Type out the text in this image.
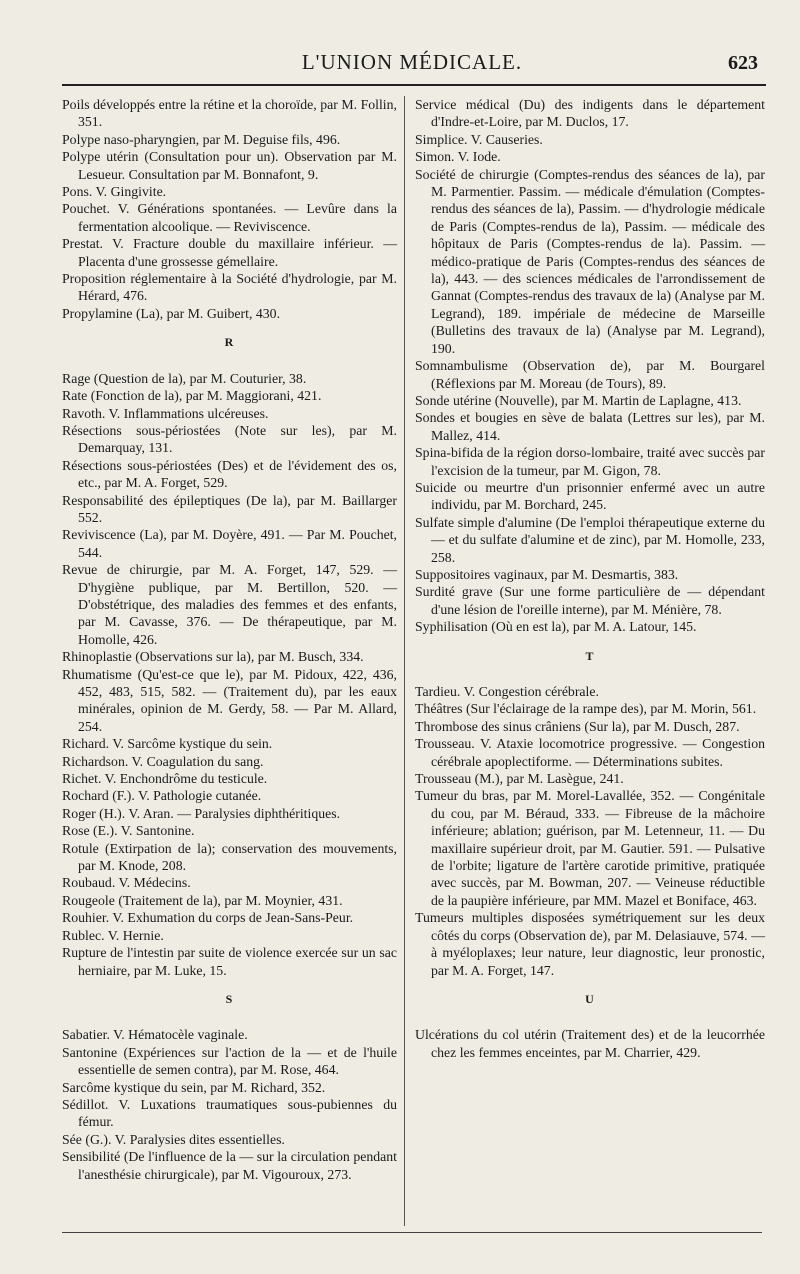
L'UNION MÉDICALE.	623

Poils développés entre la rétine et la choroïde, par M. Follin, 351.

Polype naso-pharyngien, par M. Deguise fils, 496.

Polype utérin (Consultation pour un). Observation par M. Lesueur. Consultation par M. Bonnafont, 9.

Pons. V. Gingivite.

Pouchet. V. Générations spontanées. — Levûre dans la fermentation alcoolique. — Reviviscence.

Prestat. V. Fracture double du maxillaire inférieur. — Placenta d'une grossesse gémellaire.

Proposition réglementaire à la Société d'hydrologie, par M. Hérard, 476.

Propylamine (La), par M. Guibert, 430.

R

Rage (Question de la), par M. Couturier, 38.

Rate (Fonction de la), par M. Maggiorani, 421.

Ravoth. V. Inflammations ulcéreuses.

Résections sous-périostées (Note sur les), par M. Demarquay, 131.

Résections sous-périostées (Des) et de l'évidement des os, etc., par M. A. Forget, 529.

Responsabilité des épileptiques (De la), par M. Baillarger 552.

Reviviscence (La), par M. Doyère, 491. — Par M. Pouchet, 544.

Revue de chirurgie, par M. A. Forget, 147, 529. — D'hygiène publique, par M. Bertillon, 520. — D'obstétrique, des maladies des femmes et des enfants, par M. Cavasse, 376. — De thérapeutique, par M. Homolle, 426.

Rhinoplastie (Observations sur la), par M. Busch, 334.

Rhumatisme (Qu'est-ce que le), par M. Pidoux, 422, 436, 452, 483, 515, 582. — (Traitement du), par les eaux minérales, opinion de M. Gerdy, 58. — Par M. Allard, 254.

Richard. V. Sarcôme kystique du sein.

Richardson. V. Coagulation du sang.

Richet. V. Enchondrôme du testicule.

Rochard (F.). V. Pathologie cutanée.

Roger (H.). V. Aran. — Paralysies diphthéritiques.

Rose (E.). V. Santonine.

Rotule (Extirpation de la); conservation des mouvements, par M. Knode, 208.

Roubaud. V. Médecins.

Rougeole (Traitement de la), par M. Moynier, 431.

Rouhier. V. Exhumation du corps de Jean-Sans-Peur.

Rublec. V. Hernie.

Rupture de l'intestin par suite de violence exercée sur un sac herniaire, par M. Luke, 15.

S

Sabatier. V. Hématocèle vaginale.

Santonine (Expériences sur l'action de la — et de l'huile essentielle de semen contra), par M. Rose, 464.

Sarcôme kystique du sein, par M. Richard, 352.

Sédillot. V. Luxations traumatiques sous-pubiennes du fémur.

Sée (G.). V. Paralysies dites essentielles.

Sensibilité (De l'influence de la — sur la circulation pendant l'anesthésie chirurgicale), par M. Vigouroux, 273.

Service médical (Du) des indigents dans le département d'Indre-et-Loire, par M. Duclos, 17.

Simplice. V. Causeries.

Simon. V. Iode.

Société de chirurgie (Comptes-rendus des séances de la), par M. Parmentier. Passim. — médicale d'émulation (Comptes-rendus des séances de la), Passim. — d'hydrologie médicale de Paris (Comptes-rendus de la), Passim. — médicale des hôpitaux de Paris (Comptes-rendus de la). Passim. — médico-pratique de Paris (Comptes-rendus des séances de la), 443. — des sciences médicales de l'arrondissement de Gannat (Comptes-rendus des travaux de la) (Analyse par M. Legrand), 189. impériale de médecine de Marseille (Bulletins des travaux de la) (Analyse par M. Legrand), 190.

Somnambulisme (Observation de), par M. Bourgarel (Réflexions par M. Moreau (de Tours), 89.

Sonde utérine (Nouvelle), par M. Martin de Laplagne, 413.

Sondes et bougies en sève de balata (Lettres sur les), par M. Mallez, 414.

Spina-bifida de la région dorso-lombaire, traité avec succès par l'excision de la tumeur, par M. Gigon, 78.

Suicide ou meurtre d'un prisonnier enfermé avec un autre individu, par M. Borchard, 245.

Sulfate simple d'alumine (De l'emploi thérapeutique externe du — et du sulfate d'alumine et de zinc), par M. Homolle, 233, 258.

Suppositoires vaginaux, par M. Desmartis, 383.

Surdité grave (Sur une forme particulière de — dépendant d'une lésion de l'oreille interne), par M. Ménière, 78.

Syphilisation (Où en est la), par M. A. Latour, 145.

T

Tardieu. V. Congestion cérébrale.

Théâtres (Sur l'éclairage de la rampe des), par M. Morin, 561.

Thrombose des sinus crâniens (Sur la), par M. Dusch, 287.

Trousseau. V. Ataxie locomotrice progressive. — Congestion cérébrale apoplectiforme. — Déterminations subites.

Trousseau (M.), par M. Lasègue, 241.

Tumeur du bras, par M. Morel-Lavallée, 352. — Congénitale du cou, par M. Béraud, 333. — Fibreuse de la mâchoire inférieure; ablation; guérison, par M. Letenneur, 11. — Du maxillaire supérieur droit, par M. Gautier. 591. — Pulsative de l'orbite; ligature de l'artère carotide primitive, pratiquée avec succès, par M. Bowman, 207. — Veineuse réductible de la paupière inférieure, par MM. Mazel et Boniface, 463.

Tumeurs multiples disposées symétriquement sur les deux côtés du corps (Observation de), par M. Delasiauve, 574. — à myéloplaxes; leur nature, leur diagnostic, leur pronostic, par M. A. Forget, 147.

U

Ulcérations du col utérin (Traitement des) et de la leucorrhée chez les femmes enceintes, par M. Charrier, 429.
